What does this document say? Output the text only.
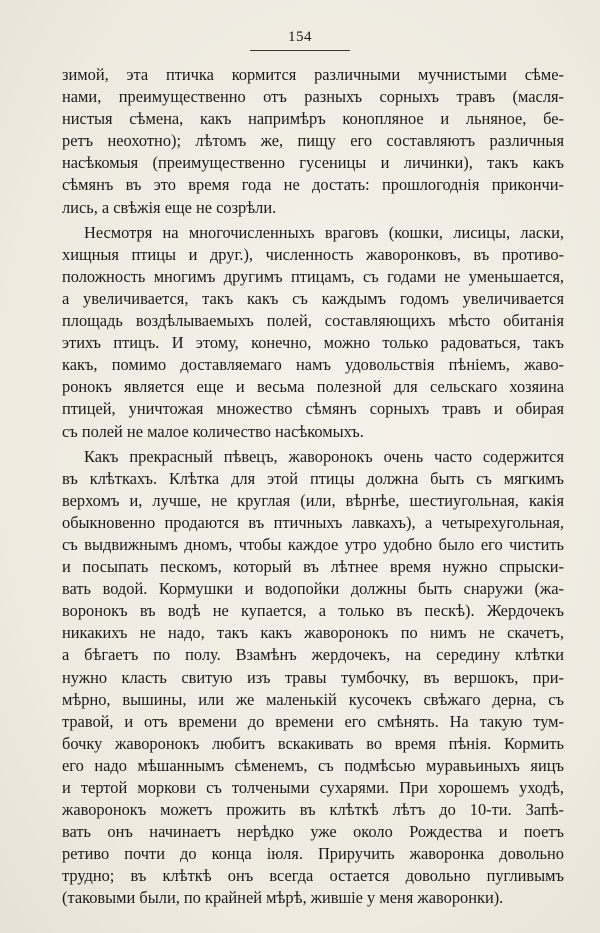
154
зимой, эта птичка кормится различными мучнистыми сѣме-
нами, преимущественно отъ разныхъ сорныхъ травъ (масля-
нистыя сѣмена, какъ напримѣръ конопляное и льняное, бе-
ретъ неохотно); лѣтомъ же, пищу его составляютъ различныя
насѣкомыя (преимущественно гусеницы и личинки), такъ какъ
сѣмянъ въ это время года не достать: прошлогоднія прикончи-
лись, а свѣжія еще не созрѣли.
Несмотря на многочисленныхъ враговъ (кошки, лисицы, ласки,
хищныя птицы и друг.), численность жаворонковъ, въ противо-
положность многимъ другимъ птицамъ, съ годами не уменьшается,
а увеличивается, такъ какъ съ каждымъ годомъ увеличивается
площадь воздѣлываемыхъ полей, составляющихъ мѣсто обитанія
этихъ птицъ. И этому, конечно, можно только радоваться, такъ
какъ, помимо доставляемаго намъ удовольствія пѣніемъ, жаво-
ронокъ является еще и весьма полезной для сельскаго хозяина
птицей, уничтожая множество сѣмянъ сорныхъ травъ и обирая
съ полей не малое количество насѣкомыхъ.
Какъ прекрасный пѣвецъ, жаворонокъ очень часто содержится
въ клѣткахъ. Клѣтка для этой птицы должна быть съ мягкимъ
верхомъ и, лучше, не круглая (или, вѣрнѣе, шестиугольная, какія
обыкновенно продаются въ птичныхъ лавкахъ), а четырехугольная,
съ выдвижнымъ дномъ, чтобы каждое утро удобно было его чистить
и посыпать пескомъ, который въ лѣтнее время нужно спрыски-
вать водой. Кормушки и водопойки должны быть снаружи (жа-
воронокъ въ водѣ не купается, а только въ пескѣ). Жердочекъ
никакихъ не надо, такъ какъ жаворонокъ по нимъ не скачетъ,
а бѣгаетъ по полу. Взамѣнъ жердочекъ, на середину клѣтки
нужно класть свитую изъ травы тумбочку, въ вершокъ, при-
мѣрно, вышины, или же маленькій кусочекъ свѣжаго дерна, съ
травой, и отъ времени до времени его смѣнять. На такую тум-
бочку жаворонокъ любитъ вскакивать во время пѣнія. Кормить
его надо мѣшаннымъ сѣменемъ, съ подмѣсью муравьиныхъ яицъ
и тертой моркови съ толчеными сухарями. При хорошемъ уходѣ,
жаворонокъ можетъ прожить въ клѣткѣ лѣтъ до 10-ти. Запѣ-
вать онъ начинаетъ нерѣдко уже около Рождества и поетъ
ретиво почти до конца іюля. Приручить жаворонка довольно
трудно; въ клѣткѣ онъ всегда остается довольно пугливымъ
(таковыми были, по крайней мѣрѣ, жившіе у меня жаворонки).
